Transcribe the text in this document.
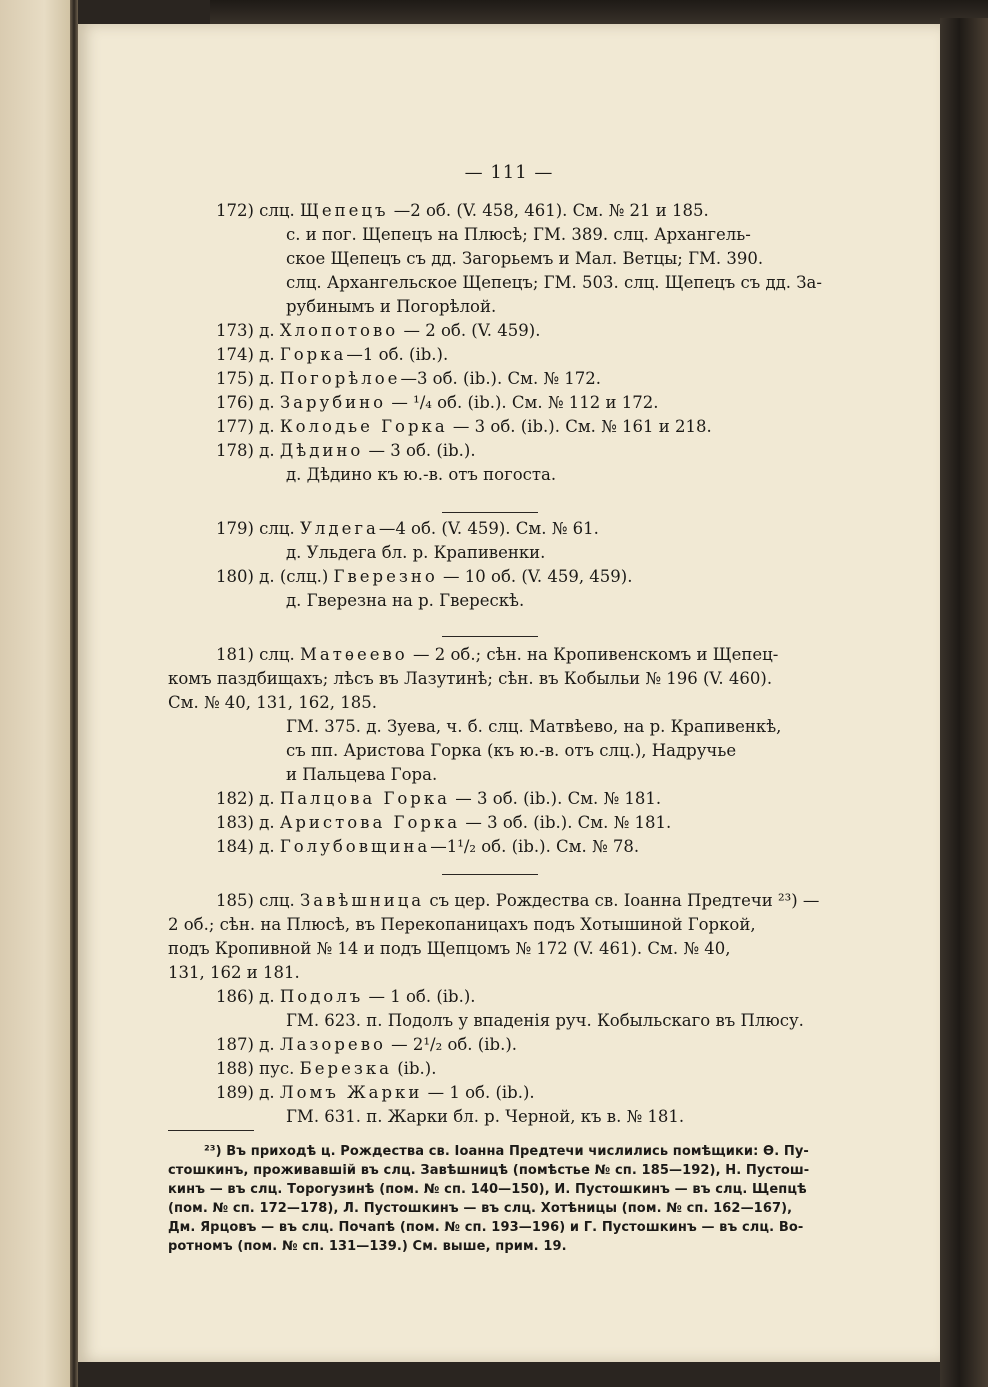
— 111 —
172) слц. Щепецъ —2 об. (V. 458, 461). См. № 21 и 185.
с. и пог. Щепецъ на Плюсѣ; ГМ. 389. слц. Архангель-
ское Щепецъ съ дд. Загорьемъ и Мал. Ветцы; ГМ. 390.
слц. Архангельское Щепецъ; ГМ. 503. слц. Щепецъ съ дд. За-
рубинымъ и Погорѣлой.
173) д. Хлопотово — 2 об. (V. 459).
174) д. Горка—1 об. (ib.).
175) д. Погорѣлое—3 об. (ib.). См. № 172.
176) д. Зарубино — ¹/₄ об. (ib.). См. № 112 и 172.
177) д. Колодье Горка — 3 об. (ib.). См. № 161 и 218.
178) д. Дѣдино — 3 об. (ib.).
д. Дѣдино къ ю.-в. отъ погоста.
179) слц. Улдега—4 об. (V. 459). См. № 61.
д. Ульдега бл. р. Крапивенки.
180) д. (слц.) Гверезно — 10 об. (V. 459, 459).
д. Гверезна на р. Гверескѣ.
181) слц. Матѳеево — 2 об.; сѣн. на Кропивенскомъ и Щепец-
комъ паздбищахъ; лѣсъ въ Лазутинѣ; сѣн. въ Кобыльи № 196 (V. 460).
См. № 40, 131, 162, 185.
ГМ. 375. д. Зуева, ч. б. слц. Матвѣево, на р. Крапивенкѣ,
съ пп. Аристова Горка (къ ю.-в. отъ слц.), Надручье
и Пальцева Гора.
182) д. Палцова Горка — 3 об. (ib.). См. № 181.
183) д. Аристова Горка — 3 об. (ib.). См. № 181.
184) д. Голубовщина—1¹/₂ об. (ib.). См. № 78.
185) слц. Завѣшница съ цер. Рождества св. Іоанна Предтечи ²³) —
2 об.; сѣн. на Плюсѣ, въ Перекопаницахъ подъ Хотышиной Горкой,
подъ Кропивной № 14 и подъ Щепцомъ № 172 (V. 461). См. № 40,
131, 162 и 181.
186) д. Подолъ — 1 об. (ib.).
ГМ. 623. п. Подолъ у впаденія руч. Кобыльскаго въ Плюсу.
187) д. Лазорево — 2¹/₂ об. (ib.).
188) пус. Березка (ib.).
189) д. Ломъ Жарки — 1 об. (ib.).
ГМ. 631. п. Жарки бл. р. Черной, къ в. № 181.
²³) Въ приходѣ ц. Рождества св. Іоанна Предтечи числились помѣщики: Ѳ. Пу-
стошкинъ, проживавшій въ слц. Завѣшницѣ (помѣстье № сп. 185—192), Н. Пустош-
кинъ — въ слц. Торогузинѣ (пом. № сп. 140—150), И. Пустошкинъ — въ слц. Щепцѣ
(пом. № сп. 172—178), Л. Пустошкинъ — въ слц. Хотѣницы (пом. № сп. 162—167),
Дм. Ярцовъ — въ слц. Почапѣ (пом. № сп. 193—196) и Г. Пустошкинъ — въ слц. Во-
ротномъ (пом. № сп. 131—139.) См. выше, прим. 19.
